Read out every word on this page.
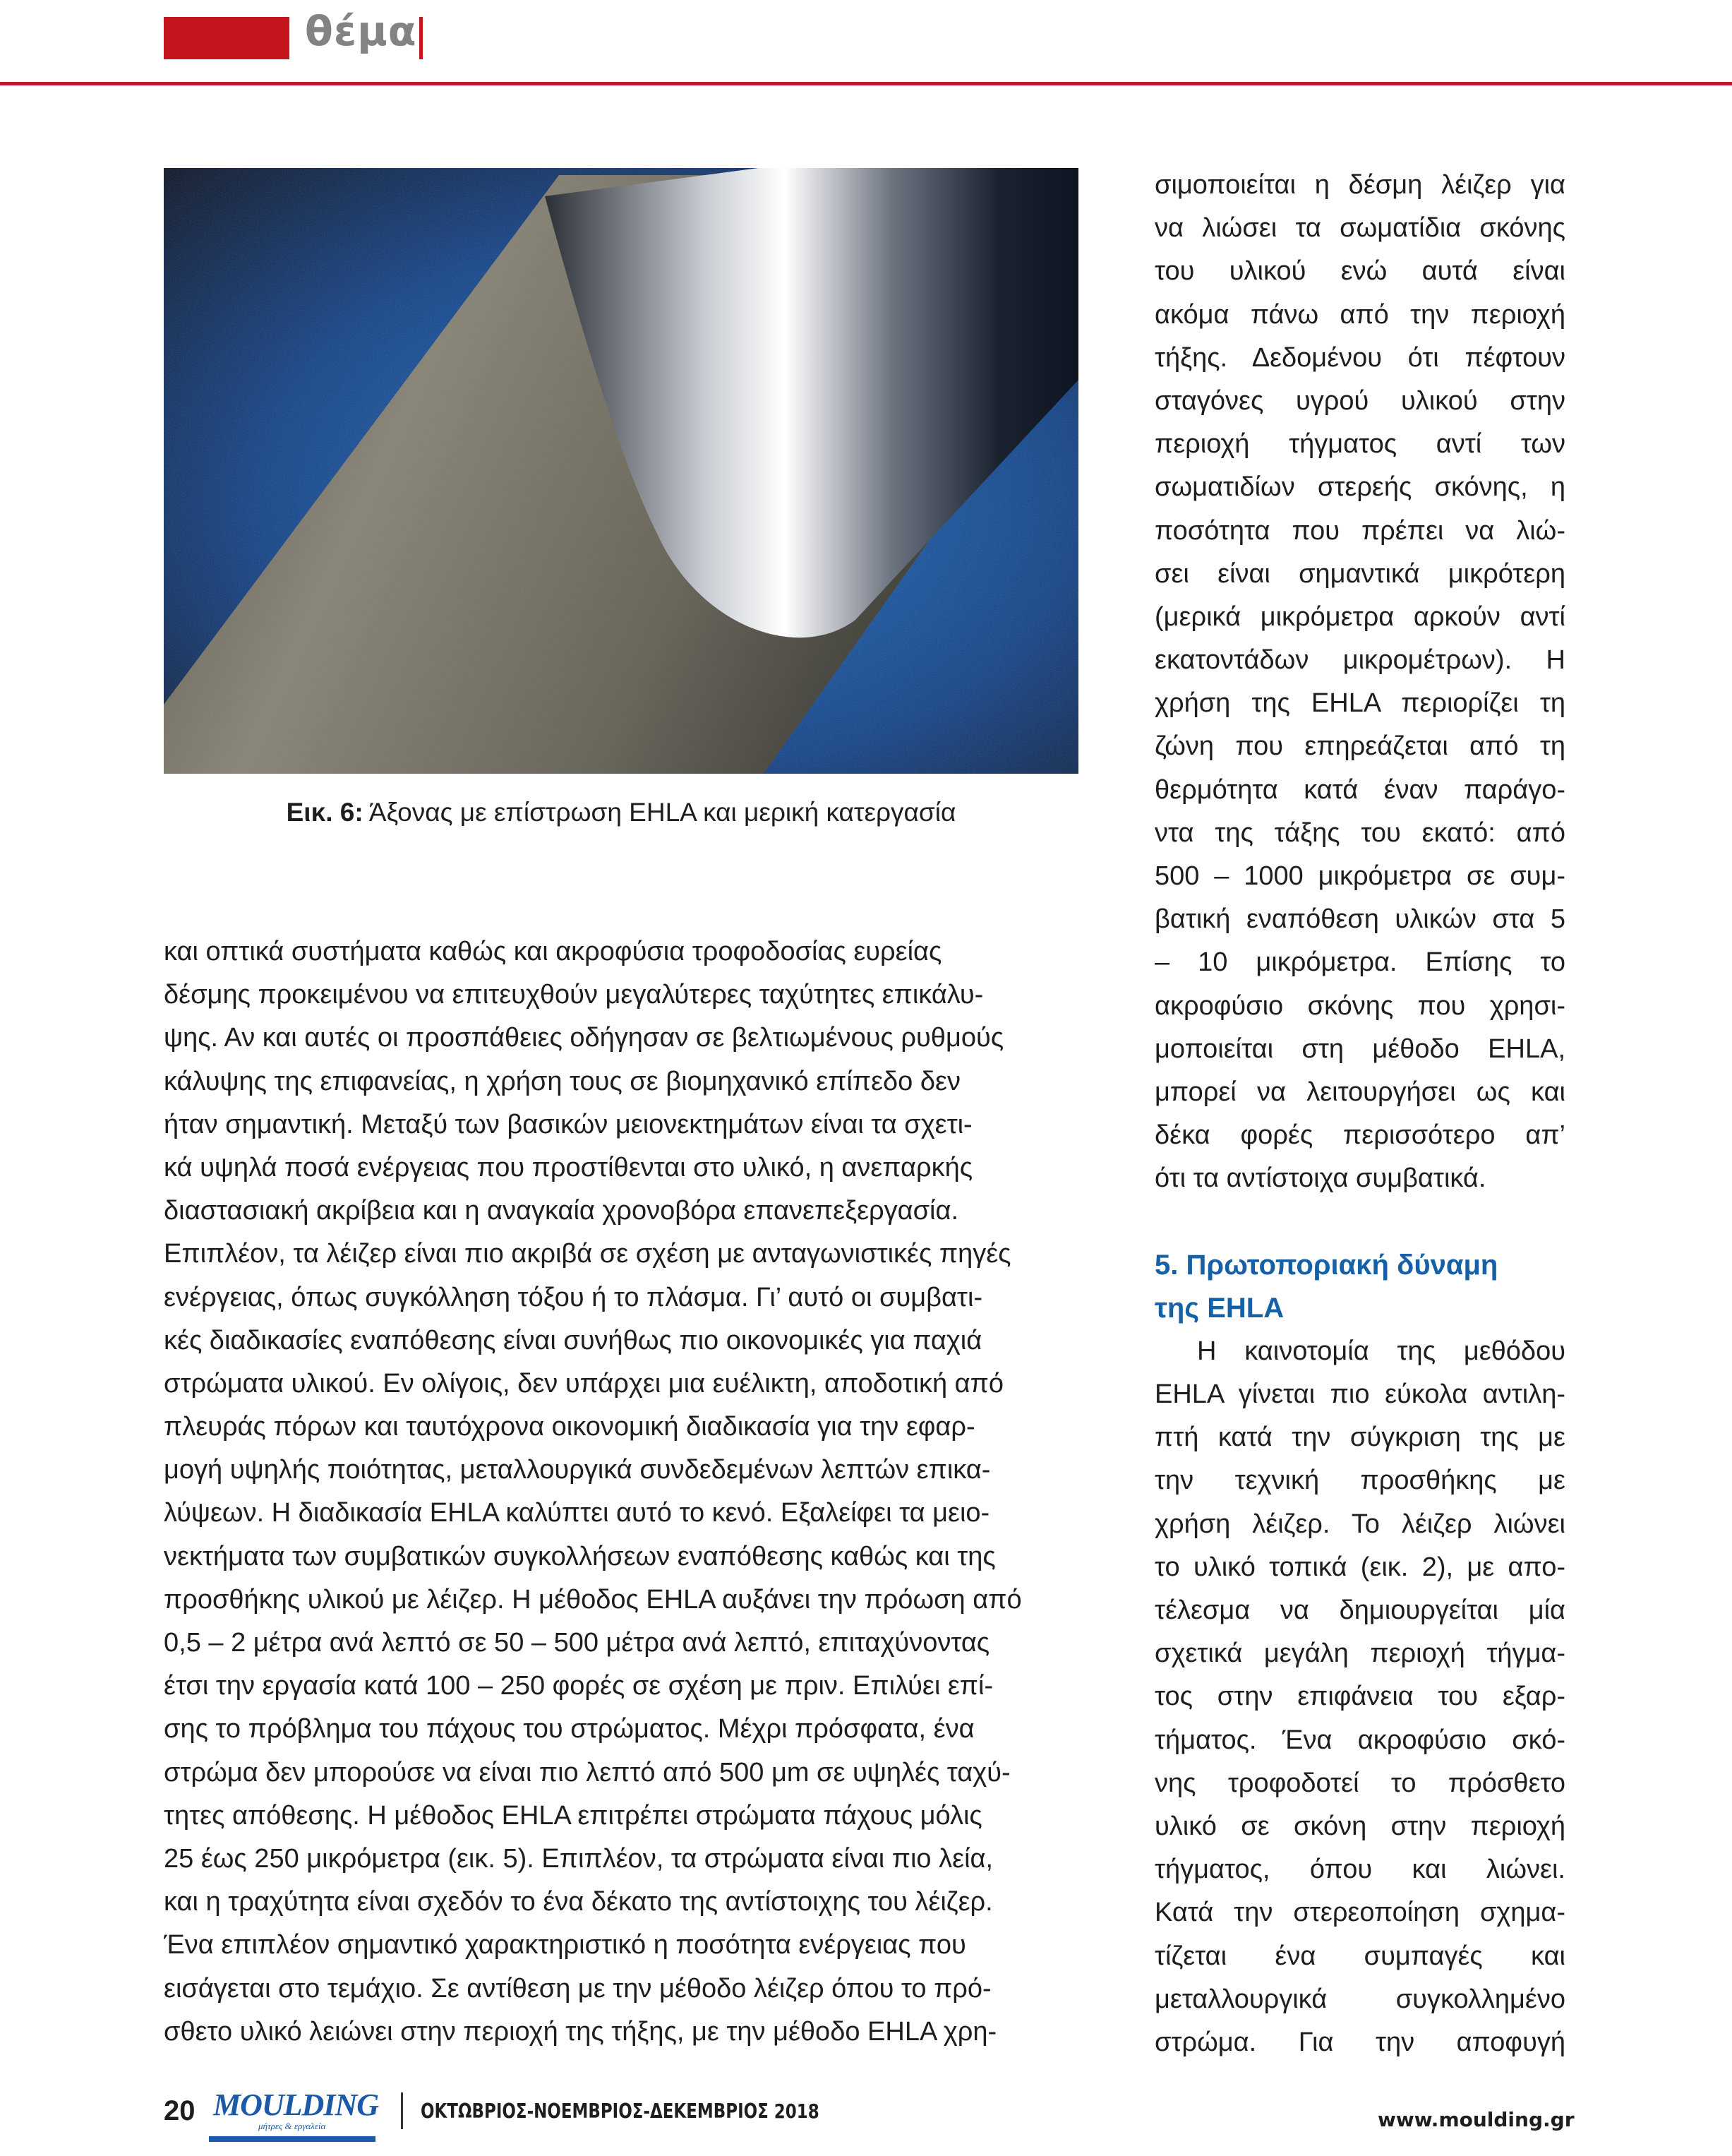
θέμα
Εικ. 6: Άξονας με επίστρωση EHLA και μερική κατεργασία
και οπτικά συστήματα καθώς και ακροφύσια τροφοδοσίας ευρείας
δέσμης προκειμένου να επιτευχθούν μεγαλύτερες ταχύτητες επικάλυ-
ψης. Αν και αυτές οι προσπάθειες οδήγησαν σε βελτιωμένους ρυθμούς
κάλυψης της επιφανείας, η χρήση τους σε βιομηχανικό επίπεδο δεν
ήταν σημαντική. Μεταξύ των βασικών μειονεκτημάτων είναι τα σχετι-
κά υψηλά ποσά ενέργειας που προστίθενται στο υλικό, η ανεπαρκής
διαστασιακή ακρίβεια και η αναγκαία χρονοβόρα επανεπεξεργασία.
Επιπλέον, τα λέιζερ είναι πιο ακριβά σε σχέση με ανταγωνιστικές πηγές
ενέργειας, όπως συγκόλληση τόξου ή το πλάσμα. Γι’ αυτό οι συμβατι-
κές διαδικασίες εναπόθεσης είναι συνήθως πιο οικονομικές για παχιά
στρώματα υλικού. Εν ολίγοις, δεν υπάρχει μια ευέλικτη, αποδοτική από
πλευράς πόρων και ταυτόχρονα οικονομική διαδικασία για την εφαρ-
μογή υψηλής ποιότητας, μεταλλουργικά συνδεδεμένων λεπτών επικα-
λύψεων. Η διαδικασία EHLA καλύπτει αυτό το κενό. Εξαλείφει τα μειο-
νεκτήματα των συμβατικών συγκολλήσεων εναπόθεσης καθώς και της
προσθήκης υλικού με λέιζερ. Η μέθοδος EHLA αυξάνει την πρόωση από
0,5 – 2 μέτρα ανά λεπτό σε 50 – 500 μέτρα ανά λεπτό, επιταχύνοντας
έτσι την εργασία κατά 100 – 250 φορές σε σχέση με πριν. Επιλύει επί-
σης το πρόβλημα του πάχους του στρώματος. Μέχρι πρόσφατα, ένα
στρώμα δεν μπορούσε να είναι πιο λεπτό από 500 μm σε υψηλές ταχύ-
τητες απόθεσης. Η μέθοδος EHLA επιτρέπει στρώματα πάχους μόλις
25 έως 250 μικρόμετρα (εικ. 5). Επιπλέον, τα στρώματα είναι πιο λεία,
και η τραχύτητα είναι σχεδόν το ένα δέκατο της αντίστοιχης του λέιζερ.
Ένα επιπλέον σημαντικό χαρακτηριστικό η ποσότητα ενέργειας που
εισάγεται στο τεμάχιο. Σε αντίθεση με την μέθοδο λέιζερ όπου το πρό-
σθετο υλικό λειώνει στην περιοχή της τήξης, με την μέθοδο EHLA χρη-
σιμοποιείται η δέσμη λέιζερ για
να λιώσει τα σωματίδια σκόνης
του υλικού ενώ αυτά είναι
ακόμα πάνω από την περιοχή
τήξης. Δεδομένου ότι πέφτουν
σταγόνες υγρού υλικού στην
περιοχή τήγματος αντί των
σωματιδίων στερεής σκόνης, η
ποσότητα που πρέπει να λιώ-
σει είναι σημαντικά μικρότερη
(μερικά μικρόμετρα αρκούν αντί
εκατοντάδων μικρομέτρων). Η
χρήση της EHLA περιορίζει τη
ζώνη που επηρεάζεται από τη
θερμότητα κατά έναν παράγο-
ντα της τάξης του εκατό: από
500 – 1000 μικρόμετρα σε συμ-
βατική εναπόθεση υλικών στα 5
– 10 μικρόμετρα. Επίσης το
ακροφύσιο σκόνης που χρησι-
μοποιείται στη μέθοδο EHLA,
μπορεί να λειτουργήσει ως και
δέκα φορές περισσότερο απ’
ότι τα αντίστοιχα συμβατικά.
5. Πρωτοποριακή δύναμη
της EHLA
Η καινοτομία της μεθόδου
EHLA γίνεται πιο εύκολα αντιλη-
πτή κατά την σύγκριση της με
την τεχνική προσθήκης με
χρήση λέιζερ. Το λέιζερ λιώνει
το υλικό τοπικά (εικ. 2), με απο-
τέλεσμα να δημιουργείται μία
σχετικά μεγάλη περιοχή τήγμα-
τος στην επιφάνεια του εξαρ-
τήματος. Ένα ακροφύσιο σκό-
νης τροφοδοτεί το πρόσθετο
υλικό σε σκόνη στην περιοχή
τήγματος, όπου και λιώνει.
Κατά την στερεοποίηση σχημα-
τίζεται ένα συμπαγές και
μεταλλουργικά συγκολλημένο
στρώμα. Για την αποφυγή
20 MOULDING
μήτρες & εργαλεία
ΟΚΤΩΒΡΙΟΣ-ΝΟΕΜΒΡΙΟΣ-ΔΕΚΕΜΒΡΙΟΣ 2018	www.moulding.gr
